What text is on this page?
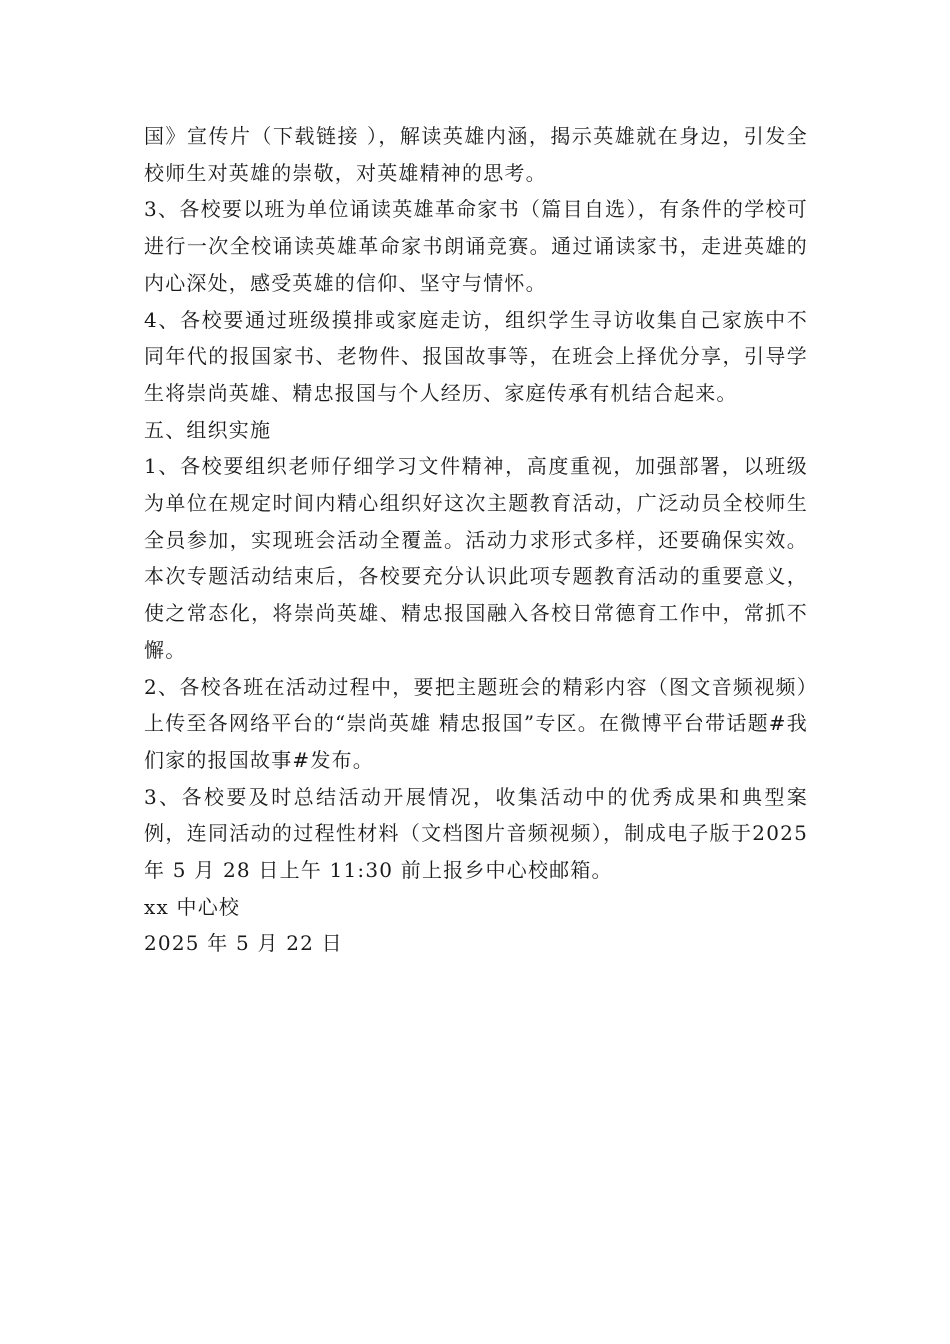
国》宣传片（下载链接 ），解读英雄内涵，揭示英雄就在身边，引发全校师生对英雄的崇敬，对英雄精神的思考。

3、各校要以班为单位诵读英雄革命家书（篇目自选），有条件的学校可进行一次全校诵读英雄革命家书朗诵竞赛。通过诵读家书，走进英雄的内心深处，感受英雄的信仰、坚守与情怀。

4、各校要通过班级摸排或家庭走访，组织学生寻访收集自己家族中不同年代的报国家书、老物件、报国故事等，在班会上择优分享，引导学生将崇尚英雄、精忠报国与个人经历、家庭传承有机结合起来。

五、组织实施

1、各校要组织老师仔细学习文件精神，高度重视，加强部署，以班级为单位在规定时间内精心组织好这次主题教育活动，广泛动员全校师生全员参加，实现班会活动全覆盖。活动力求形式多样，还要确保实效。本次专题活动结束后，各校要充分认识此项专题教育活动的重要意义，使之常态化，将崇尚英雄、精忠报国融入各校日常德育工作中，常抓不懈。

2、各校各班在活动过程中，要把主题班会的精彩内容（图文音频视频）上传至各网络平台的“崇尚英雄 精忠报国”专区。在微博平台带话题#我们家的报国故事#发布。

3、各校要及时总结活动开展情况，收集活动中的优秀成果和典型案例，连同活动的过程性材料（文档图片音频视频），制成电子版于2025 年 5 月 28 日上午 11:30 前上报乡中心校邮箱。

xx 中心校

2025 年 5 月 22 日
